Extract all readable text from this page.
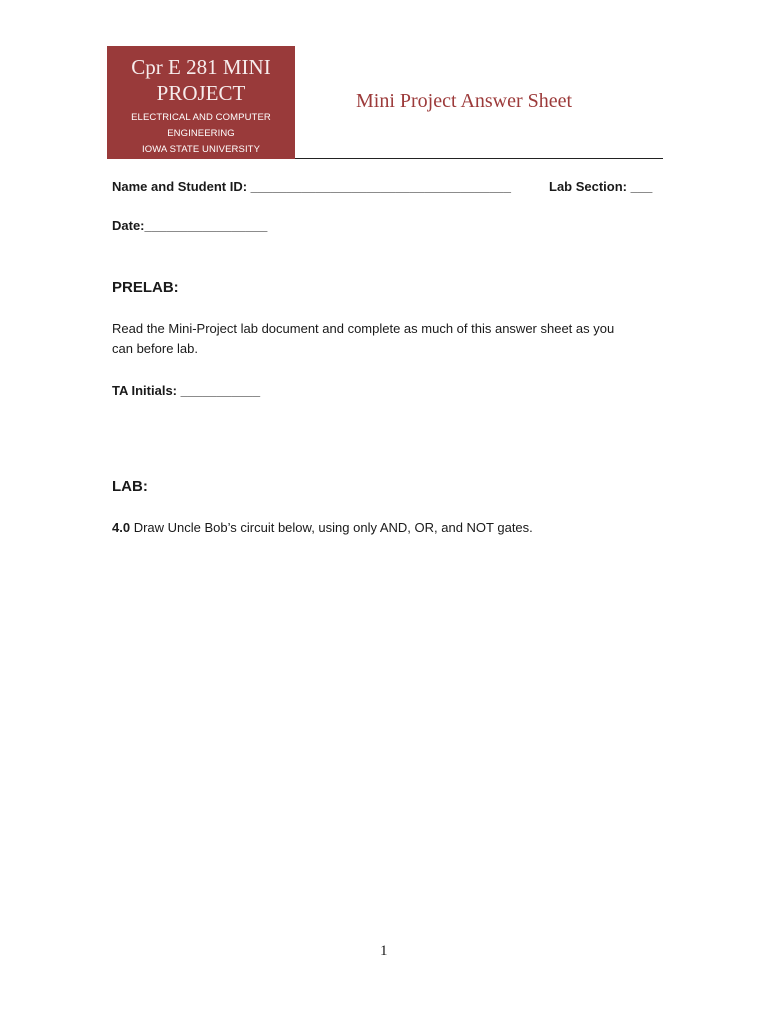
Cpr E 281 MINI
PROJECT
ELECTRICAL AND COMPUTER
ENGINEERING
IOWA STATE UNIVERSITY
Mini Project Answer Sheet
Name and Student ID: ____________________________________	Lab Section: ___
Date:_________________
PRELAB:
Read the Mini-Project lab document and complete as much of this answer sheet as you
can before lab.
TA Initials: ___________
LAB:
4.0 Draw Uncle Bob’s circuit below, using only AND, OR, and NOT gates.
1
